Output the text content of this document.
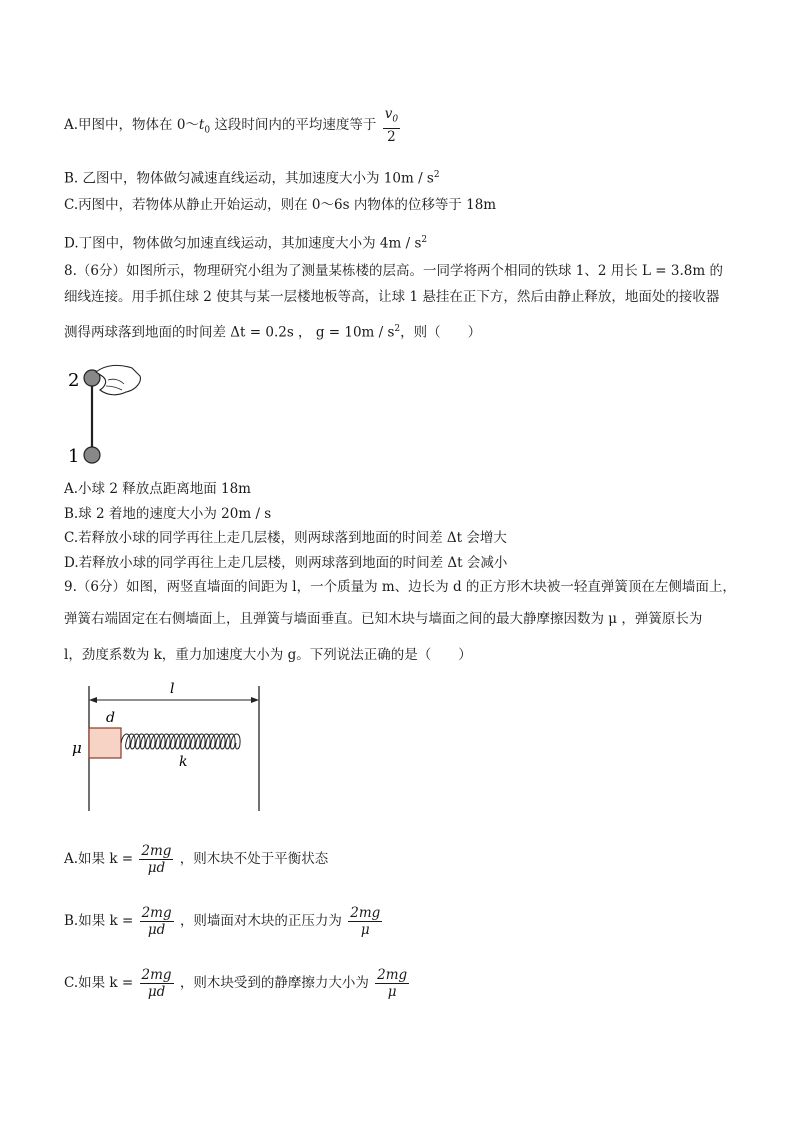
A.甲图中，物体在 $0\sim t_0$ 这段时间内的平均速度等于 $\frac{v_0}{2}$
B. 乙图中，物体做匀减速直线运动，其加速度大小为 $10m / s^2$
C.丙图中，若物体从静止开始运动，则在 0～6s 内物体的位移等于 18m
D.丁图中，物体做匀加速直线运动，其加速度大小为 $4m / s^2$
8.（6分）如图所示，物理研究小组为了测量某栋楼的层高。一同学将两个相同的铁球 1、2 用长 L = 3.8m 的
细线连接。用手抓住球 2 使其与某一层楼地板等高，让球 1 悬挂在正下方，然后由静止释放，地面处的接收器
测得两球落到地面的时间差 Δt = 0.2s ， $g = 10m / s^2$，则（　　）
2
1
A.小球 2 释放点距离地面 18m
B.球 2 着地的速度大小为 20m / s
C.若释放小球的同学再往上走几层楼，则两球落到地面的时间差 Δt 会增大
D.若释放小球的同学再往上走几层楼，则两球落到地面的时间差 Δt 会减小
9.（6分）如图，两竖直墙面的间距为 l，一个质量为 m、边长为 d 的正方形木块被一轻直弹簧顶在左侧墙面上，
弹簧右端固定在右侧墙面上，且弹簧与墙面垂直。已知木块与墙面之间的最大静摩擦因数为 μ ，弹簧原长为
l，劲度系数为 k，重力加速度大小为 g。下列说法正确的是（　　）
l
d
μ
k
A.如果 $k = \frac{2mg}{\mu d}$ ，则木块不处于平衡状态
B.如果 $k = \frac{2mg}{\mu d}$ ，则墙面对木块的正压力为 $\frac{2mg}{\mu}$
C.如果 $k = \frac{2mg}{\mu d}$ ，则木块受到的静摩擦力大小为 $\frac{2mg}{\mu}$
